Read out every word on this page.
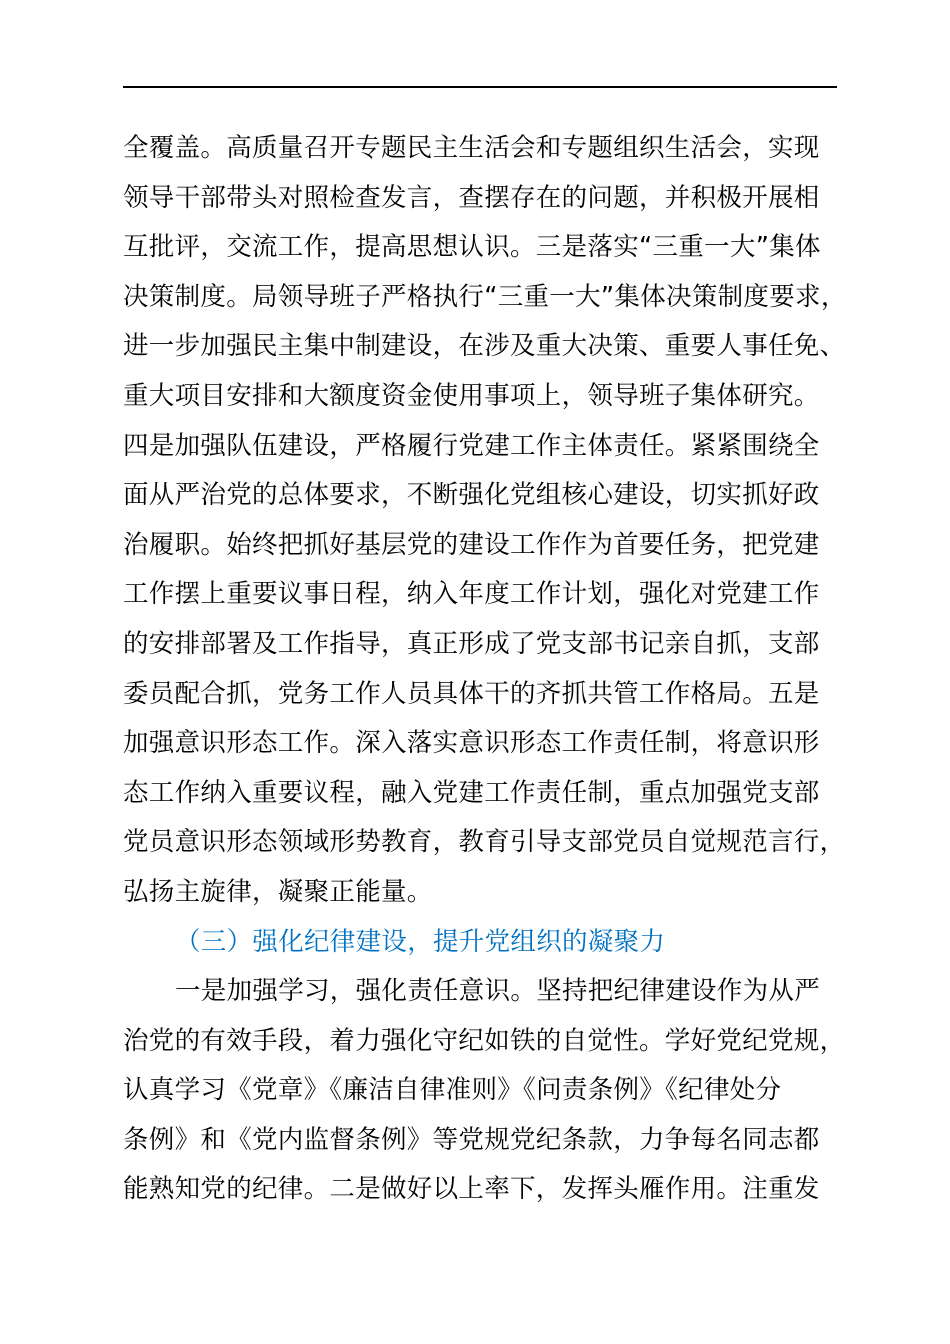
全覆盖。高质量召开专题民主生活会和专题组织生活会，实现
领导干部带头对照检查发言，查摆存在的问题，并积极开展相
互批评，交流工作，提高思想认识。三是落实“三重一大”集体
决策制度。局领导班子严格执行“三重一大”集体决策制度要求，
进一步加强民主集中制建设，在涉及重大决策、重要人事任免、
重大项目安排和大额度资金使用事项上，领导班子集体研究。
四是加强队伍建设，严格履行党建工作主体责任。紧紧围绕全
面从严治党的总体要求，不断强化党组核心建设，切实抓好政
治履职。始终把抓好基层党的建设工作作为首要任务，把党建
工作摆上重要议事日程，纳入年度工作计划，强化对党建工作
的安排部署及工作指导，真正形成了党支部书记亲自抓，支部
委员配合抓，党务工作人员具体干的齐抓共管工作格局。五是
加强意识形态工作。深入落实意识形态工作责任制，将意识形
态工作纳入重要议程，融入党建工作责任制，重点加强党支部
党员意识形态领域形势教育，教育引导支部党员自觉规范言行，
弘扬主旋律，凝聚正能量。
（三）强化纪律建设，提升党组织的凝聚力
一是加强学习，强化责任意识。坚持把纪律建设作为从严
治党的有效手段，着力强化守纪如铁的自觉性。学好党纪党规，
认真学习《党章》《廉洁自律准则》《问责条例》《纪律处分
条例》和《党内监督条例》等党规党纪条款，力争每名同志都
能熟知党的纪律。二是做好以上率下，发挥头雁作用。注重发
